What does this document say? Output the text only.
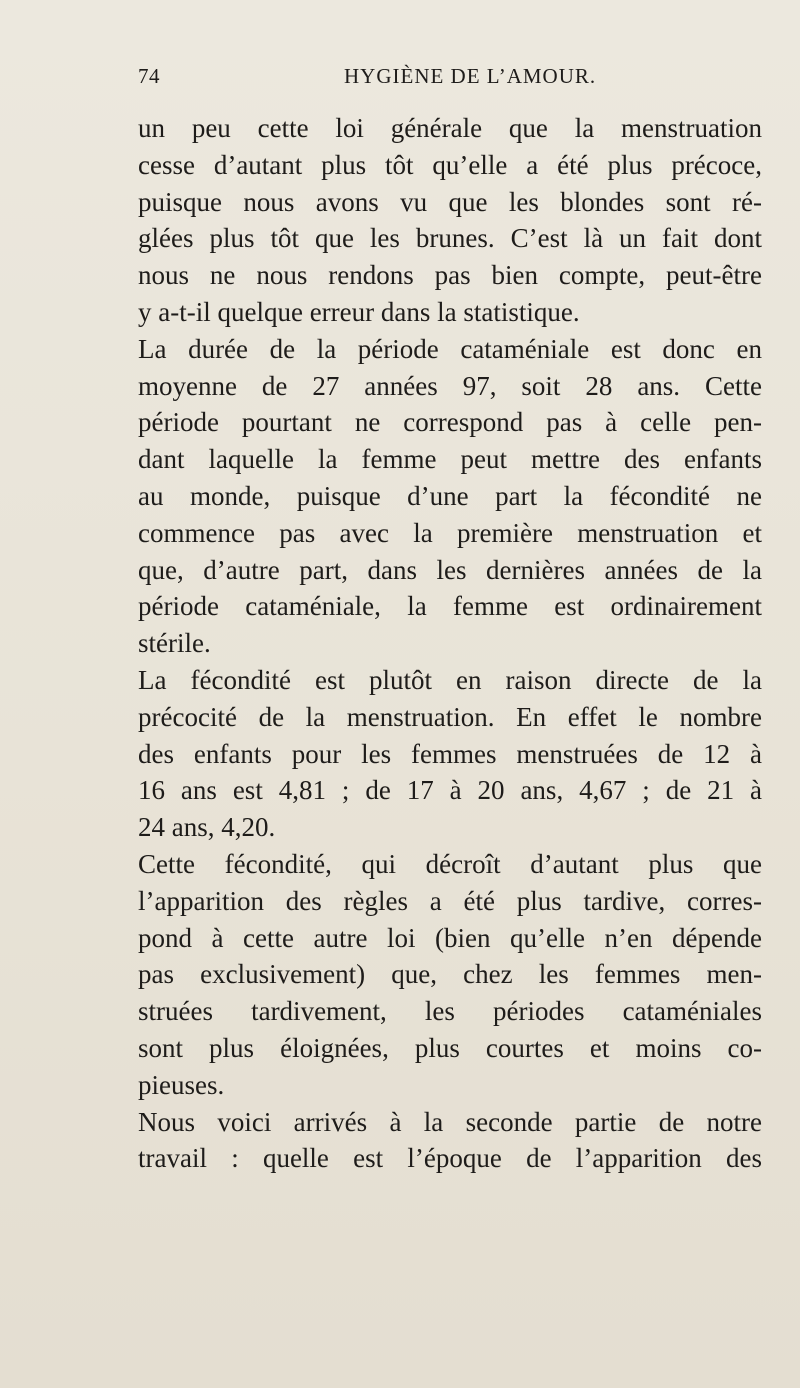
74	HYGIÈNE DE L’AMOUR.
un peu cette loi générale que la menstruation
cesse d’autant plus tôt qu’elle a été plus précoce,
puisque nous avons vu que les blondes sont ré-
glées plus tôt que les brunes. C’est là un fait dont
nous ne nous rendons pas bien compte, peut-être
y a-t-il quelque erreur dans la statistique.
La durée de la période cataméniale est donc en
moyenne de 27 années 97, soit 28 ans. Cette
période pourtant ne correspond pas à celle pen-
dant laquelle la femme peut mettre des enfants
au monde, puisque d’une part la fécondité ne
commence pas avec la première menstruation et
que, d’autre part, dans les dernières années de la
période cataméniale, la femme est ordinairement
stérile.
La fécondité est plutôt en raison directe de la
précocité de la menstruation. En effet le nombre
des enfants pour les femmes menstruées de 12 à
16 ans est 4,81 ; de 17 à 20 ans, 4,67 ; de 21 à
24 ans, 4,20.
Cette fécondité, qui décroît d’autant plus que
l’apparition des règles a été plus tardive, corres-
pond à cette autre loi (bien qu’elle n’en dépende
pas exclusivement) que, chez les femmes men-
struées tardivement, les périodes cataméniales
sont plus éloignées, plus courtes et moins co-
pieuses.
Nous voici arrivés à la seconde partie de notre
travail : quelle est l’époque de l’apparition des
